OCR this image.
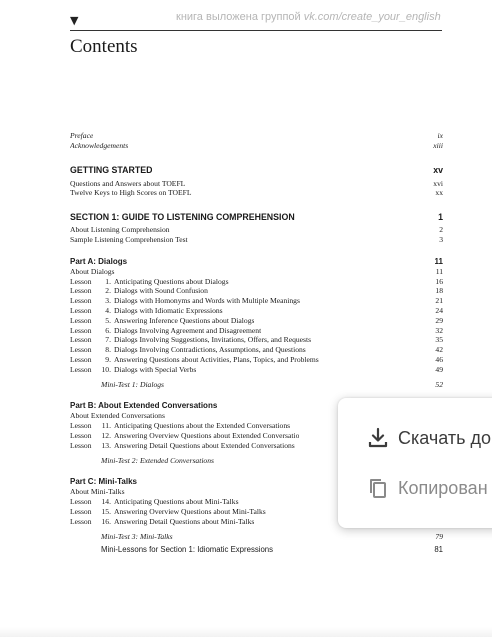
книга выложена группой vk.com/create_your_english
▼
Contents
Preface	ix
Acknowledgements	xiii
GETTING STARTED	xv
Questions and Answers about TOEFL	xvi
Twelve Keys to High Scores on TOEFL	xx
SECTION 1: GUIDE TO LISTENING COMPREHENSION	1
About Listening Comprehension	2
Sample Listening Comprehension Test	3
Part A: Dialogs	11
About Dialogs	11
Lesson 1. Anticipating Questions about Dialogs	16
Lesson 2. Dialogs with Sound Confusion	18
Lesson 3. Dialogs with Homonyms and Words with Multiple Meanings	21
Lesson 4. Dialogs with Idiomatic Expressions	24
Lesson 5. Answering Inference Questions about Dialogs	29
Lesson 6. Dialogs Involving Agreement and Disagreement	32
Lesson 7. Dialogs Involving Suggestions, Invitations, Offers, and Requests	35
Lesson 8. Dialogs Involving Contradictions, Assumptions, and Questions	42
Lesson 9. Answering Questions about Activities, Plans, Topics, and Problems	46
Lesson 10. Dialogs with Special Verbs	49
Mini-Test 1: Dialogs	52
Part B: About Extended Conversations
About Extended Conversations
Lesson 11. Anticipating Questions about the Extended Conversations
Lesson 12. Answering Overview Questions about Extended Conversatio
Lesson 13. Answering Detail Questions about Extended Conversations
Mini-Test 2: Extended Conversations
Part C: Mini-Talks
About Mini-Talks
Lesson 14. Anticipating Questions about Mini-Talks
Lesson 15. Answering Overview Questions about Mini-Talks
Lesson 16. Answering Detail Questions about Mini-Talks
Mini-Test 3: Mini-Talks	79
Mini-Lessons for Section 1: Idiomatic Expressions	81
Скачать до
Копирован
